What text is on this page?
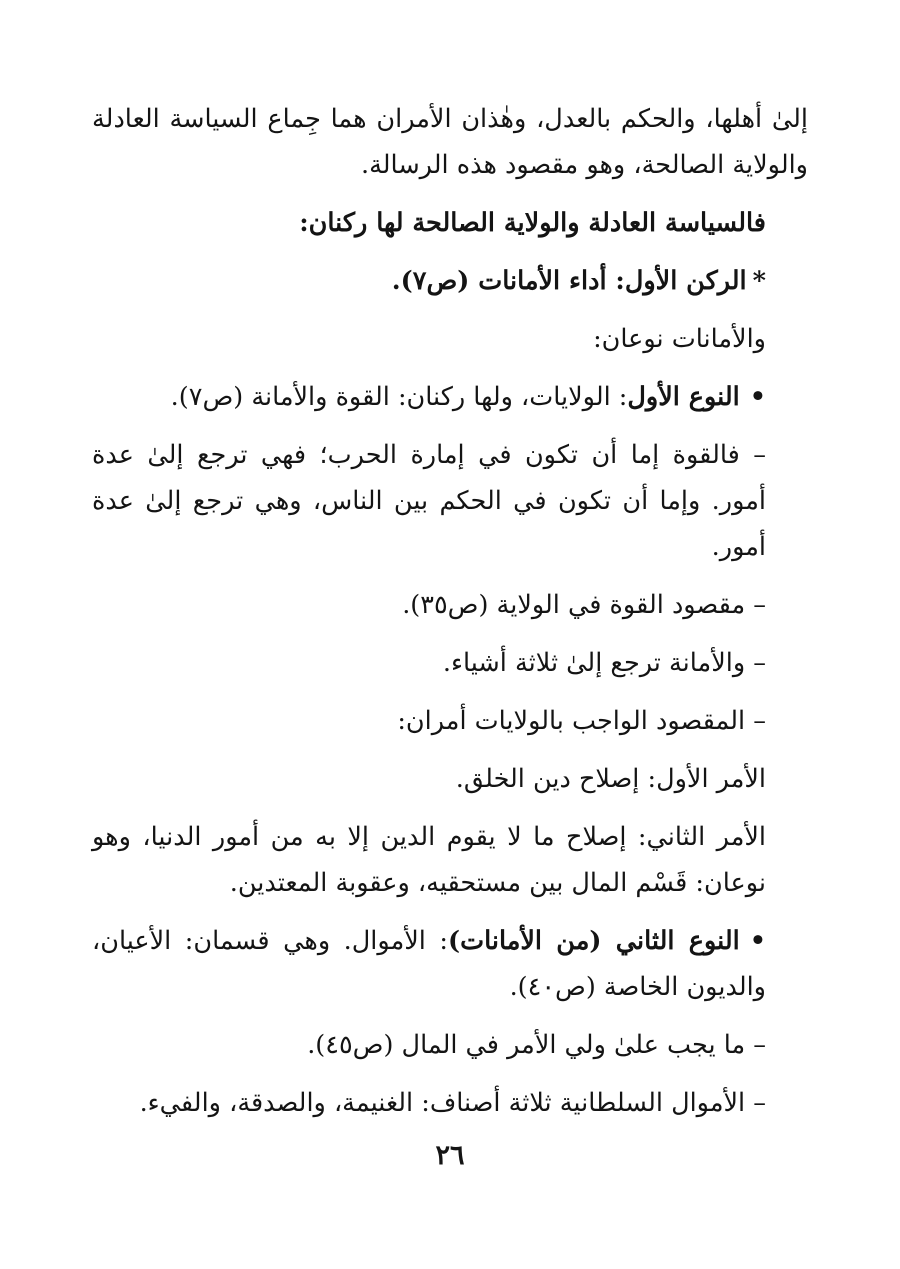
إلىٰ أهلها، والحكم بالعدل، وهٰذان الأمران هما جِماع السياسة العادلة والولاية الصالحة، وهو مقصود هذه الرسالة.

فالسياسة العادلة والولاية الصالحة لها ركنان:

*الركن الأول: أداء الأمانات (ص٧).

والأمانات نوعان:

•النوع الأول: الولايات، ولها ركنان: القوة والأمانة (ص٧).

– فالقوة إما أن تكون في إمارة الحرب؛ فهي ترجع إلىٰ عدة أمور. وإما أن تكون في الحكم بين الناس، وهي ترجع إلىٰ عدة أمور.

– مقصود القوة في الولاية (ص٣٥).

– والأمانة ترجع إلىٰ ثلاثة أشياء.

– المقصود الواجب بالولايات أمران:

الأمر الأول: إصلاح دين الخلق.

الأمر الثاني: إصلاح ما لا يقوم الدين إلا به من أمور الدنيا، وهو نوعان: قَسْم المال بين مستحقيه، وعقوبة المعتدين.

•النوع الثاني (من الأمانات): الأموال. وهي قسمان: الأعيان، والديون الخاصة (ص٤٠).

– ما يجب علىٰ ولي الأمر في المال (ص٤٥).

– الأموال السلطانية ثلاثة أصناف: الغنيمة، والصدقة، والفيء.

٢٦
